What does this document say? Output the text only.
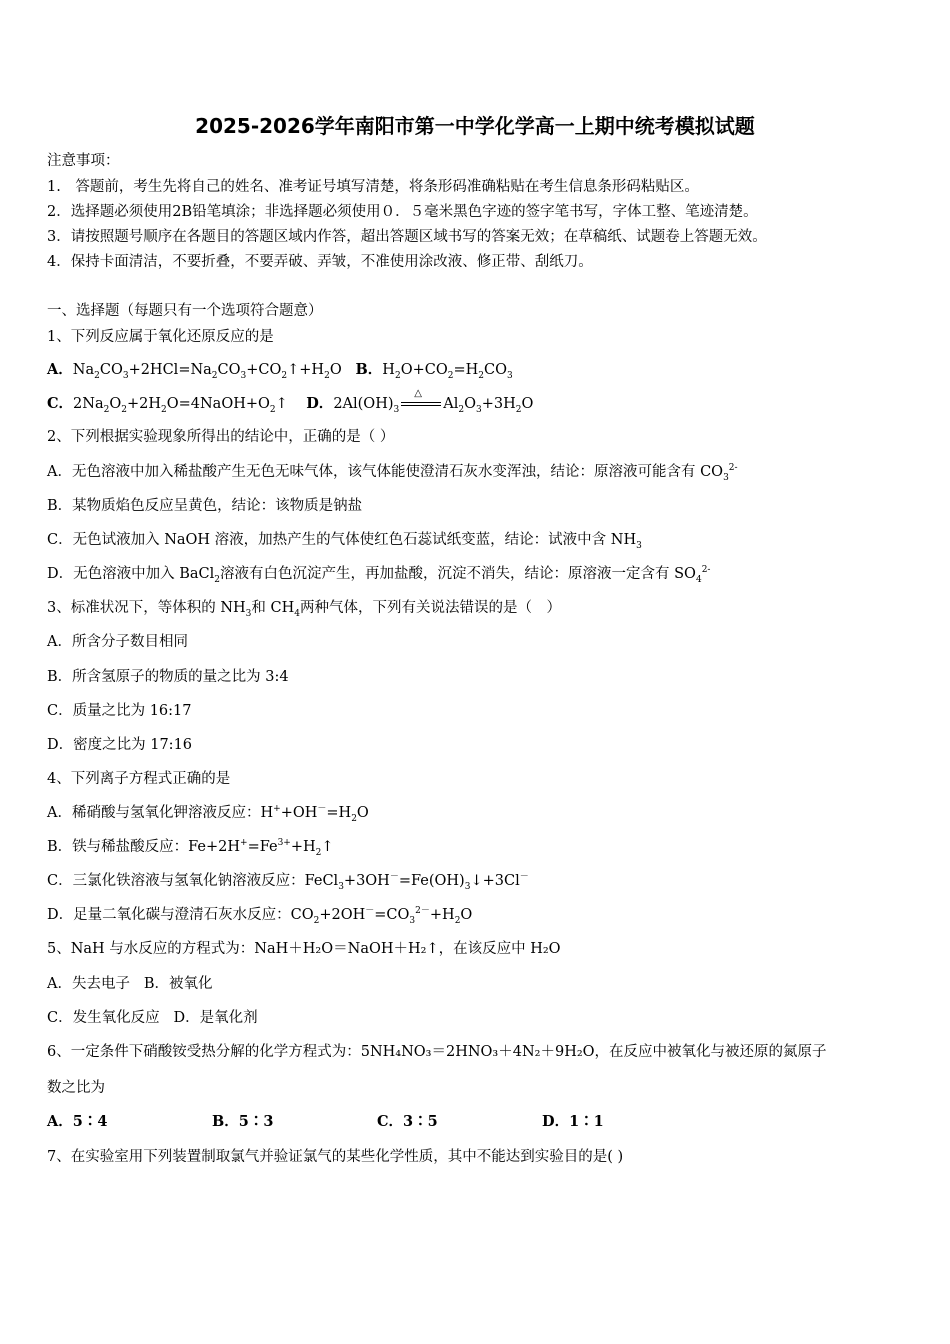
2025-2026学年南阳市第一中学化学高一上期中统考模拟试题
注意事项：
1.　答题前，考生先将自己的姓名、准考证号填写清楚，将条形码准确粘贴在考生信息条形码粘贴区。
2．选择题必须使用2B铅笔填涂；非选择题必须使用０．５毫米黑色字迹的签字笔书写，字体工整、笔迹清楚。
3．请按照题号顺序在各题目的答题区域内作答，超出答题区域书写的答案无效；在草稿纸、试题卷上答题无效。
4．保持卡面清洁，不要折叠，不要弄破、弄皱，不准使用涂改液、修正带、刮纸刀。
一、选择题（每题只有一个选项符合题意）
1、下列反应属于氧化还原反应的是
A．$Na_2CO_3+2HCl=Na_2CO_3+CO_2↑+H_2O$ B．$H_2O+CO_2=H_2CO_3$
C．$2Na_2O_2+2H_2O=4NaOH+O_2↑$ D．$2Al(OH)_3$
△
$Al_2O_3+3H_2O$
2、下列根据实验现象所得出的结论中，正确的是（ ）
A．无色溶液中加入稀盐酸产生无色无味气体，该气体能使澄清石灰水变浑浊，结论：原溶液可能含有 $CO_3^{2-}$
B．某物质焰色反应呈黄色，结论：该物质是钠盐
C．无色试液加入 NaOH 溶液，加热产生的气体使红色石蕊试纸变蓝，结论：试液中含 $NH_3$
D．无色溶液中加入 BaCl$_2$溶液有白色沉淀产生，再加盐酸，沉淀不消失，结论：原溶液一定含有 $SO_4^{2-}$
3、标准状况下，等体积的 $NH_3$和 $CH_4$两种气体，下列有关说法错误的是（　）
A．所含分子数目相同
B．所含氢原子的物质的量之比为 3:4
C．质量之比为 16:17
D．密度之比为 17:16
4、下列离子方程式正确的是
A．稀硝酸与氢氧化钾溶液反应：$H^++OH^-=H_2O$
B．铁与稀盐酸反应：$Fe+2H^+=Fe^{3+}+H_2↑$
C．三氯化铁溶液与氢氧化钠溶液反应：$FeCl_3+3OH^-=Fe(OH)_3↓+3Cl^-$
D．足量二氧化碳与澄清石灰水反应：$CO_2+2OH^-=CO_3^{2-}+H_2O$
5、NaH 与水反应的方程式为：NaH＋H₂O＝NaOH＋H₂↑，在该反应中 H₂O
A．失去电子 B．被氧化
C．发生氧化反应 D．是氧化剂
6、一定条件下硝酸铵受热分解的化学方程式为：5NH₄NO₃＝2HNO₃＋4N₂＋9H₂O，在反应中被氧化与被还原的氮原子
数之比为
A．5∶4	B．5∶3	C．3∶5	D．1∶1
7、在实验室用下列装置制取氯气并验证氯气的某些化学性质，其中不能达到实验目的是( )
